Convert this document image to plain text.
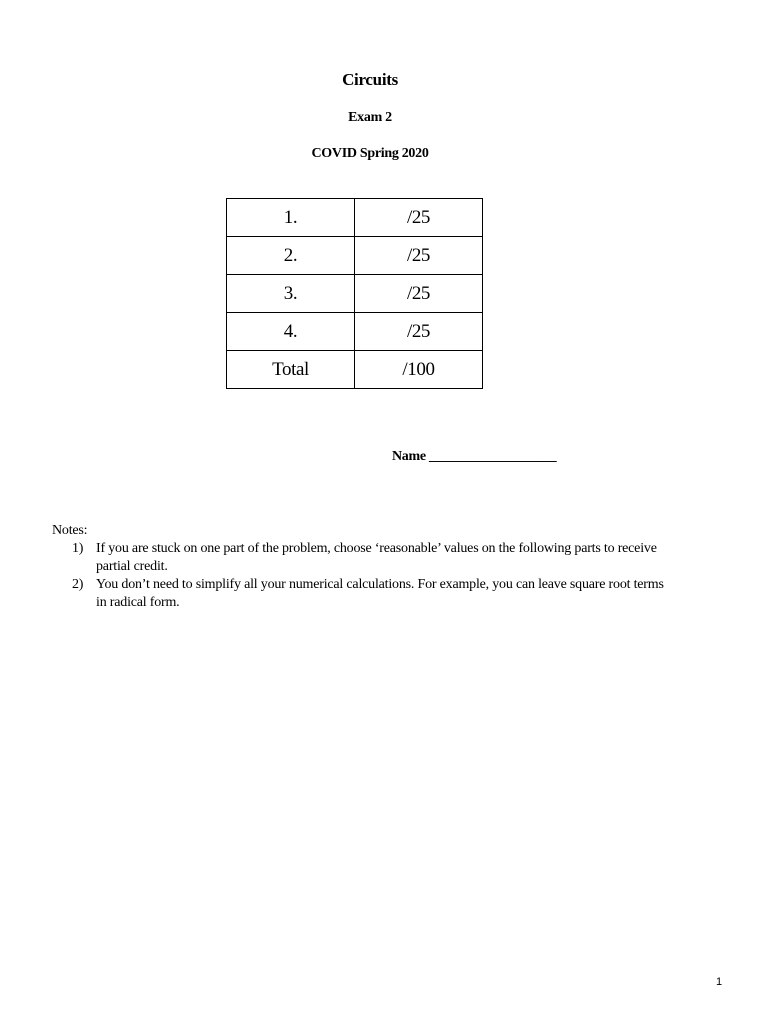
Circuits
Exam 2
COVID Spring 2020
1.	/25
2.	/25
3.	/25
4.	/25
Total	/100
Name ___________________
Notes:
1) If you are stuck on one part of the problem, choose ‘reasonable’ values on the following parts to receive partial credit.
2) You don’t need to simplify all your numerical calculations. For example, you can leave square root terms in radical form.
1
